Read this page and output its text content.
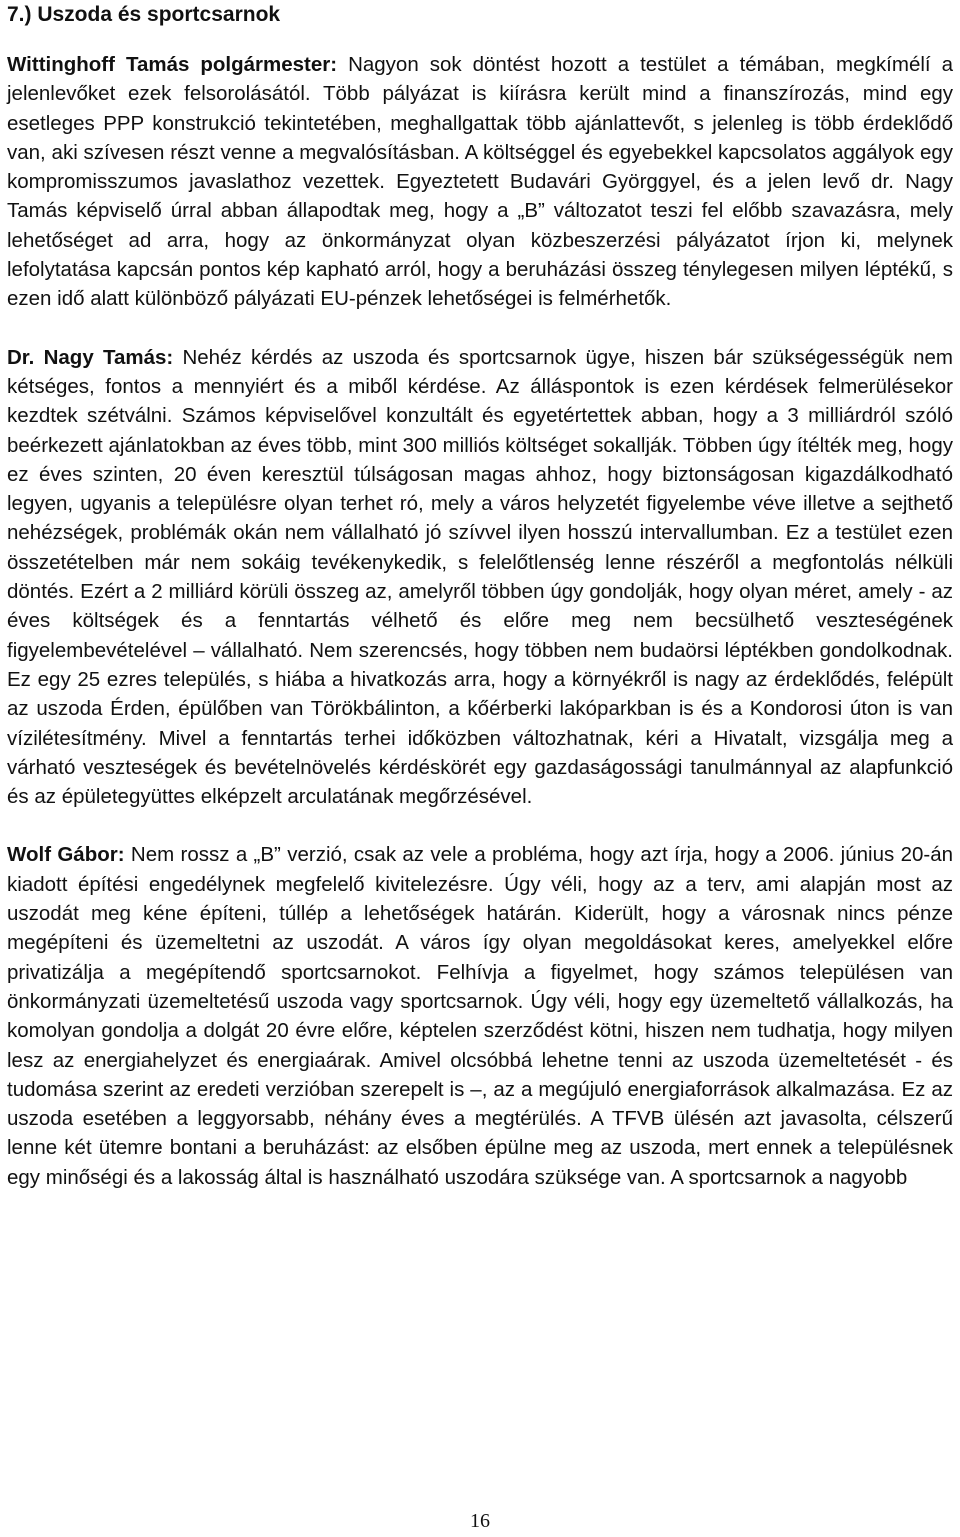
7.) Uszoda és sportcsarnok

Wittinghoff Tamás polgármester: Nagyon sok döntést hozott a testület a témában, megkímélí a jelenlevőket ezek felsorolásától. Több pályázat is kiírásra került mind a finanszírozás, mind egy esetleges PPP konstrukció tekintetében, meghallgattak több ajánlattevőt, s jelenleg is több érdeklődő van, aki szívesen részt venne a megvalósításban. A költséggel és egyebekkel kapcsolatos aggályok egy kompromisszumos javaslathoz vezettek. Egyeztetett Budavári Györggyel, és a jelen levő dr. Nagy Tamás képviselő úrral abban állapodtak meg, hogy a „B” változatot teszi fel előbb szavazásra, mely lehetőséget ad arra, hogy az önkormányzat olyan közbeszerzési pályázatot írjon ki, melynek lefolytatása kapcsán pontos kép kapható arról, hogy a beruházási összeg ténylegesen milyen léptékű, s ezen idő alatt különböző pályázati EU-pénzek lehetőségei is felmérhetők.

Dr. Nagy Tamás: Nehéz kérdés az uszoda és sportcsarnok ügye, hiszen bár szükségességük nem kétséges, fontos a mennyiért és a miből kérdése. Az álláspontok is ezen kérdések felmerülésekor kezdtek szétválni. Számos képviselővel konzultált és egyetértettek abban, hogy a 3 milliárdról szóló beérkezett ajánlatokban az éves több, mint 300 milliós költséget sokallják. Többen úgy ítélték meg, hogy ez éves szinten, 20 éven keresztül túlságosan magas ahhoz, hogy biztonságosan kigazdálkodható legyen, ugyanis a településre olyan terhet ró, mely a város helyzetét figyelembe véve illetve a sejthető nehézségek, problémák okán nem vállalható jó szívvel ilyen hosszú intervallumban. Ez a testület ezen összetételben már nem sokáig tevékenykedik, s felelőtlenség lenne részéről a megfontolás nélküli döntés. Ezért a 2 milliárd körüli összeg az, amelyről többen úgy gondolják, hogy olyan méret, amely - az éves költségek és a fenntartás vélhető és előre meg nem becsülhető veszteségének figyelembevételével – vállalható. Nem szerencsés, hogy többen nem budaörsi léptékben gondolkodnak. Ez egy 25 ezres település, s hiába a hivatkozás arra, hogy a környékről is nagy az érdeklődés, felépült az uszoda Érden, épülőben van Törökbálinton, a kőérberki lakóparkban is és a Kondorosi úton is van vízilétesítmény. Mivel a fenntartás terhei időközben változhatnak, kéri a Hivatalt, vizsgálja meg a várható veszteségek és bevételnövelés kérdéskörét egy gazdaságossági tanulmánnyal az alapfunkció és az épületegyüttes elképzelt arculatának megőrzésével.

Wolf Gábor: Nem rossz a „B” verzió, csak az vele a probléma, hogy azt írja, hogy a 2006. június 20-án kiadott építési engedélynek megfelelő kivitelezésre. Úgy véli, hogy az a terv, ami alapján most az uszodát meg kéne építeni, túllép a lehetőségek határán. Kiderült, hogy a városnak nincs pénze megépíteni és üzemeltetni az uszodát. A város így olyan megoldásokat keres, amelyekkel előre privatizálja a megépítendő sportcsarnokot. Felhívja a figyelmet, hogy számos településen van önkormányzati üzemeltetésű uszoda vagy sportcsarnok. Úgy véli, hogy egy üzemeltető vállalkozás, ha komolyan gondolja a dolgát 20 évre előre, képtelen szerződést kötni, hiszen nem tudhatja, hogy milyen lesz az energiahelyzet és energiaárak. Amivel olcsóbbá lehetne tenni az uszoda üzemeltetését - és tudomása szerint az eredeti verzióban szerepelt is –, az a megújuló energiaforrások alkalmazása. Ez az uszoda esetében a leggyorsabb, néhány éves a megtérülés. A TFVB ülésén azt javasolta, célszerű lenne két ütemre bontani a beruházást: az elsőben épülne meg az uszoda, mert ennek a településnek egy minőségi és a lakosság által is használható uszodára szüksége van. A sportcsarnok a nagyobb

16
